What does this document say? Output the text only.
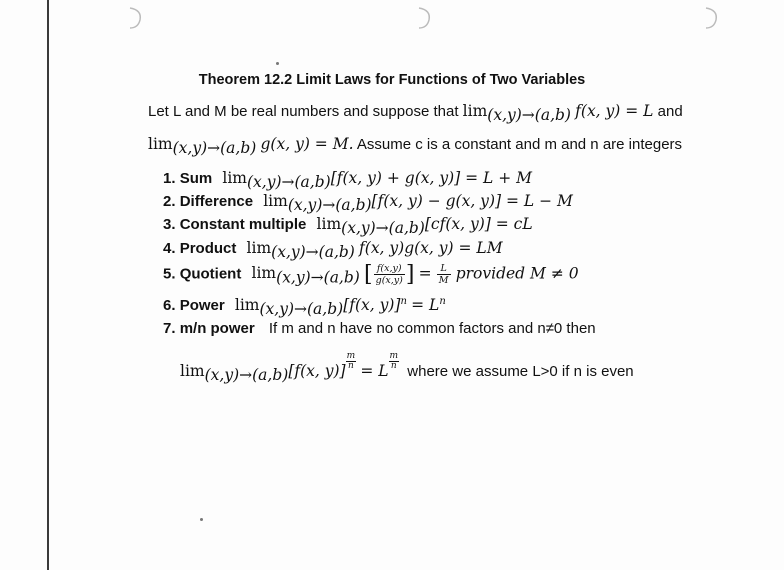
Theorem 12.2 Limit Laws for Functions of Two Variables
Let L and M be real numbers and suppose that $\lim_{(x,y)\to(a,b)} f(x$, y) = L and
$\lim_{(x,y)\to(a,b)} g(x$, y) = M. Assume c is a constant and m and n are integers
1. Sum $\lim_{(x,y)\to(a,b)}[f(x$, y) + g(x, y)] = L + M
2. Difference $\lim_{(x,y)\to(a,b)}[f(x$, y) − g(x, y)] = L − M
3. Constant multiple $\lim_{(x,y)\to(a,b)}[cf(x$, y)] = cL
4. Product $\lim_{(x,y)\to(a,b)} f(x$, y)g(x, y) = LM
5. Quotient $\lim_{(x,y)\to(a,b)}$ [ $\frac{f(x,y)}{g(x,y)}$ ] = $\frac{L}{M}$ provided M ≠ 0
6. Power $\lim_{(x,y)\to(a,b)}[f(x$, $y)]^n = L^n$
7. m/n power If m and n have no common factors and n≠0 then
$\lim_{(x,y)\to(a,b)}[f(x$, $y)] \frac{m}{n} = L \frac{m}{n}$
where we assume L>0 if n is even
